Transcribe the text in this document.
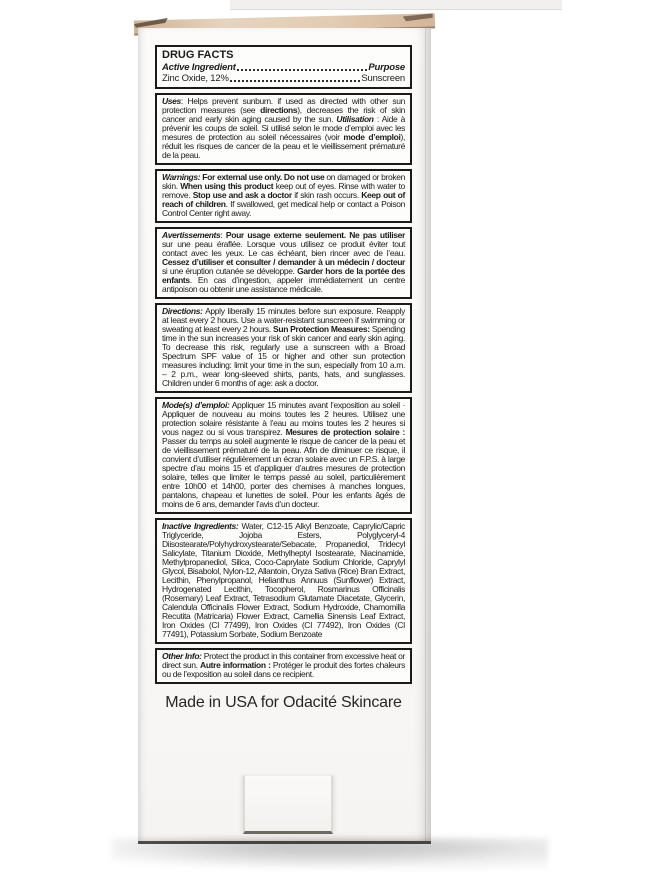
DRUG FACTS
Active Ingredient	Purpose
Zinc Oxide, 12%	Sunscreen

Uses: Helps prevent sunburn. if used as directed with other sun protection measures (see directions), decreases the risk of skin cancer and early skin aging caused by the sun. Utilisation : Aide à prévenir les coups de soleil. Si utilisé selon le mode d’emploi avec les mesures de protection au soleil nécessaires (voir mode d’emploi), réduit les risques de cancer de la peau et le vieillissement prématuré de la peau.

Warnings: For external use only. Do not use on damaged or broken skin. When using this product keep out of eyes. Rinse with water to remove. Stop use and ask a doctor if skin rash occurs. Keep out of reach of children. If swallowed, get medical help or contact a Poison Control Center right away.

Avertissements: Pour usage externe seulement. Ne pas utiliser sur une peau éraflée. Lorsque vous utilisez ce produit éviter tout contact avec les yeux. Le cas échéant, bien rincer avec de l’eau. Cessez d’utiliser et consulter / demander à un médecin / docteur si une éruption cutanée se développe. Garder hors de la portée des enfants. En cas d’ingestion, appeler immédiatement un centre antipoison ou obtenir une assistance médicale.

Directions: Apply liberally 15 minutes before sun exposure. Reapply at least every 2 hours. Use a water-resistant sunscreen if swimming or sweating at least every 2 hours. Sun Protection Measures: Spending time in the sun increases your risk of skin cancer and early skin aging. To decrease this risk, regularly use a sunscreen with a Broad Spectrum SPF value of 15 or higher and other sun protection measures including: limit your time in the sun, especially from 10 a.m. – 2 p.m., wear long-sleeved shirts, pants, hats, and sunglasses. Children under 6 months of age: ask a doctor.

Mode(s) d’emploi: Appliquer 15 minutes avant l’exposition au soleil · Appliquer de nouveau au moins toutes les 2 heures. Utilisez une protection solaire résistante à l’eau au moins toutes les 2 heures si vous nagez ou si vous transpirez. Mesures de protection solaire : Passer du temps au soleil augmente le risque de cancer de la peau et de vieillissement prématuré de la peau. Afin de diminuer ce risque, il convient d’utiliser régulièrement un écran solaire avec un F.P.S. à large spectre d’au moins 15 et d’appliquer d’autres mesures de protection solaire, telles que limiter le temps passé au soleil, particulièrement entre 10h00 et 14h00, porter des chemises à manches longues, pantalons, chapeau et lunettes de soleil. Pour les enfants âgés de moins de 6 ans, demander l’avis d’un docteur.

Inactive Ingredients: Water, C12-15 Alkyl Benzoate, Caprylic/Capric Triglyceride, Jojoba Esters, Polyglyceryl-4 Diisostearate/Polyhydroxystearate/Sebacate, Propanediol, Tridecyl Salicylate, Titanium Dioxide, Methylheptyl Isostearate, Niacinamide, Methylpropanediol, Silica, Coco-Caprylate Sodium Chloride, Caprylyl Glycol, Bisabolol, Nylon-12, Allantoin, Oryza Sativa (Rice) Bran Extract, Lecithin, Phenylpropanol, Helianthus Annuus (Sunflower) Extract, Hydrogenated Lecithin, Tocopherol, Rosmarinus Officinalis (Rosemary) Leaf Extract, Tetrasodium Glutamate Diacetate, Glycerin, Calendula Officinalis Flower Extract, Sodium Hydroxide, Chamomilla Recutita (Matricaria) Flower Extract, Camellia Sinensis Leaf Extract, Iron Oxides (CI 77499), Iron Oxides (CI 77492), Iron Oxides (CI 77491), Potassium Sorbate, Sodium Benzoate

Other Info: Protect the product in this container from excessive heat or direct sun. Autre information : Protéger le produit des fortes chaleurs ou de l’exposition au soleil dans ce recipient.

Made in USA for Odacité Skincare
